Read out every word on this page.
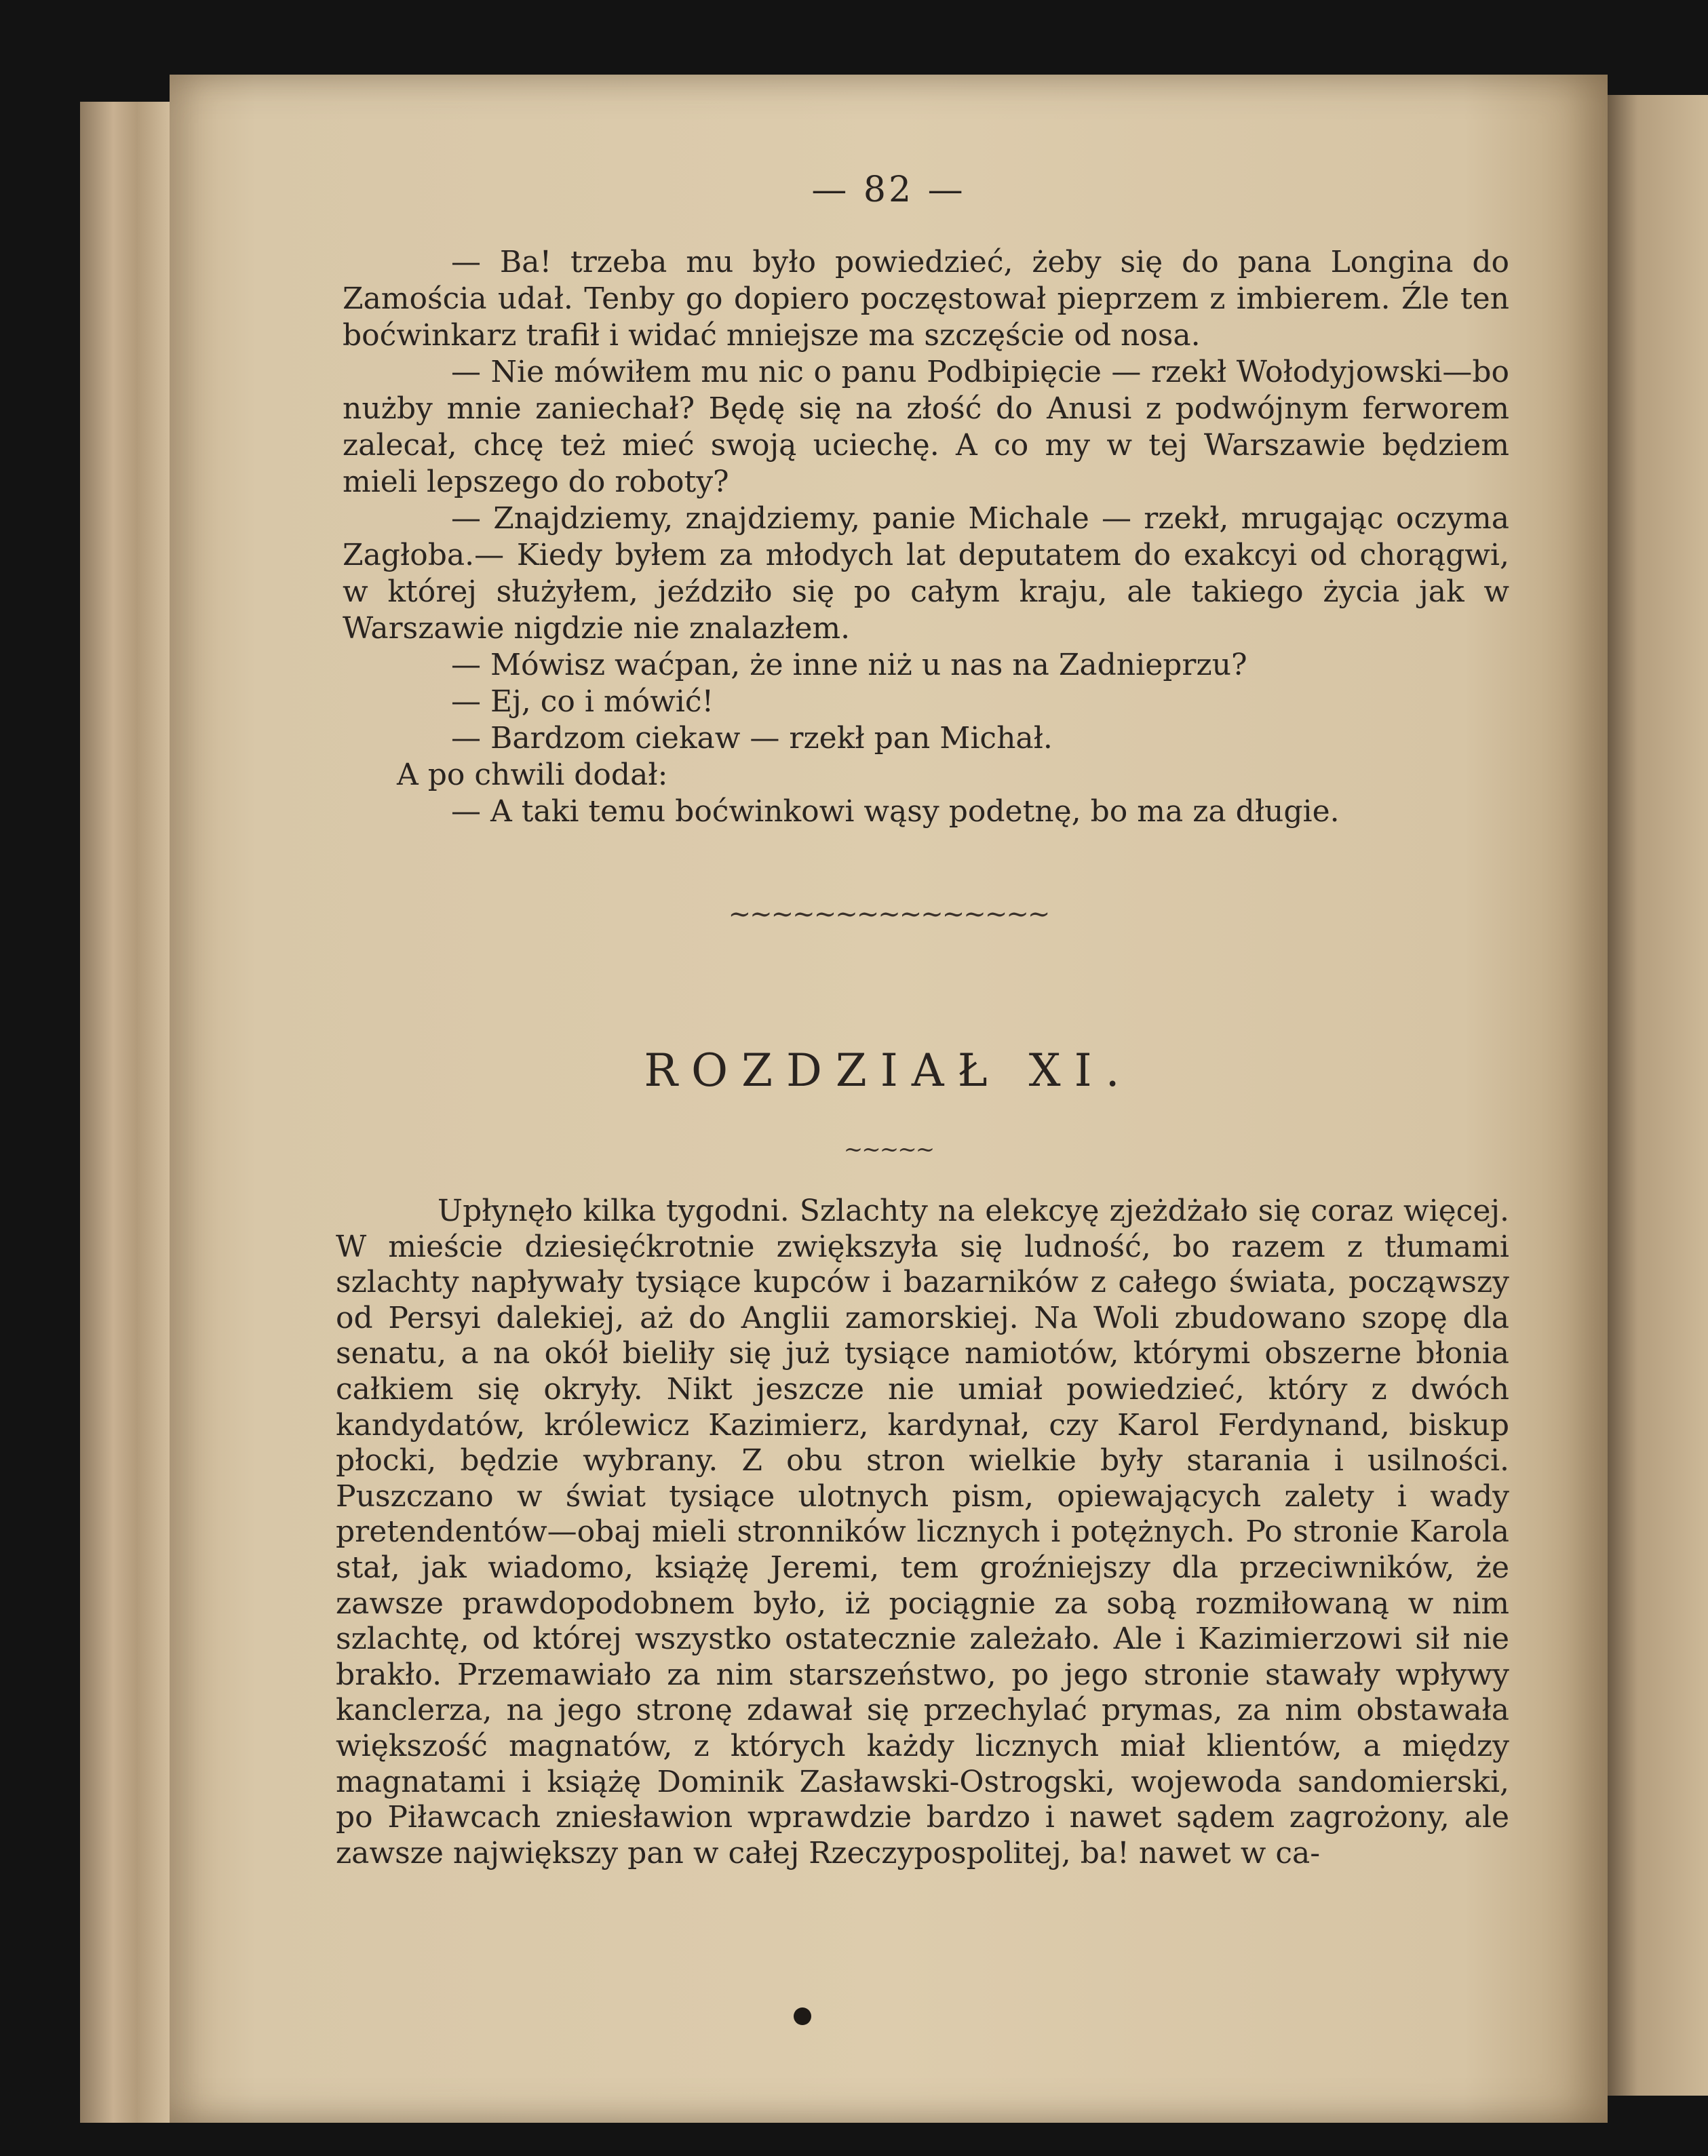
— 82 —

— Ba! trzeba mu było powiedzieć, żeby się do pana Longina do Zamościa udał. Tenby go dopiero poczęstował pieprzem z imbierem. Źle ten boćwinkarz trafił i widać mniejsze ma szczęście od nosa.

— Nie mówiłem mu nic o panu Podbipięcie — rzekł Wołodyjowski—bo nużby mnie zaniechał? Będę się na złość do Anusi z podwójnym ferworem zalecał, chcę też mieć swoją uciechę. A co my w tej Warszawie będziem mieli lepszego do roboty?

— Znajdziemy, znajdziemy, panie Michale — rzekł, mrugając oczyma Zagłoba.— Kiedy byłem za młodych lat deputatem do exakcyi od chorągwi, w której służyłem, jeździło się po całym kraju, ale takiego życia jak w Warszawie nigdzie nie znalazłem.

— Mówisz waćpan, że inne niż u nas na Zadnieprzu?

— Ej, co i mówić!

— Bardzom ciekaw — rzekł pan Michał.

A po chwili dodał:

— A taki temu boćwinkowi wąsy podetnę, bo ma za długie.

~~~~~~~~~~~~~~~
ROZDZIAŁ XI.
~~~~~

Upłynęło kilka tygodni. Szlachty na elekcyę zjeżdżało się coraz więcej. W mieście dziesięćkrotnie zwiększyła się ludność, bo razem z tłumami szlachty napływały tysiące kupców i bazarników z całego świata, począwszy od Persyi dalekiej, aż do Anglii zamorskiej. Na Woli zbudowano szopę dla senatu, a na okół bieliły się już tysiące namiotów, którymi obszerne błonia całkiem się okryły. Nikt jeszcze nie umiał powiedzieć, który z dwóch kandydatów, królewicz Kazimierz, kardynał, czy Karol Ferdynand, biskup płocki, będzie wybrany. Z obu stron wielkie były starania i usilności. Puszczano w świat tysiące ulotnych pism, opiewających zalety i wady pretendentów—obaj mieli stronników licznych i potężnych. Po stronie Karola stał, jak wiadomo, książę Jeremi, tem groźniejszy dla przeciwników, że zawsze prawdopodobnem było, iż pociągnie za sobą rozmiłowaną w nim szlachtę, od której wszystko ostatecznie zależało. Ale i Kazimierzowi sił nie brakło. Przemawiało za nim starszeństwo, po jego stronie stawały wpływy kanclerza, na jego stronę zdawał się przechylać prymas, za nim obstawała większość magnatów, z których każdy licznych miał klientów, a między magnatami i książę Dominik Zasławski-Ostrogski, wojewoda sandomierski, po Piławcach zniesławion wprawdzie bardzo i nawet sądem zagrożony, ale zawsze największy pan w całej Rzeczypospolitej, ba! nawet w ca-
